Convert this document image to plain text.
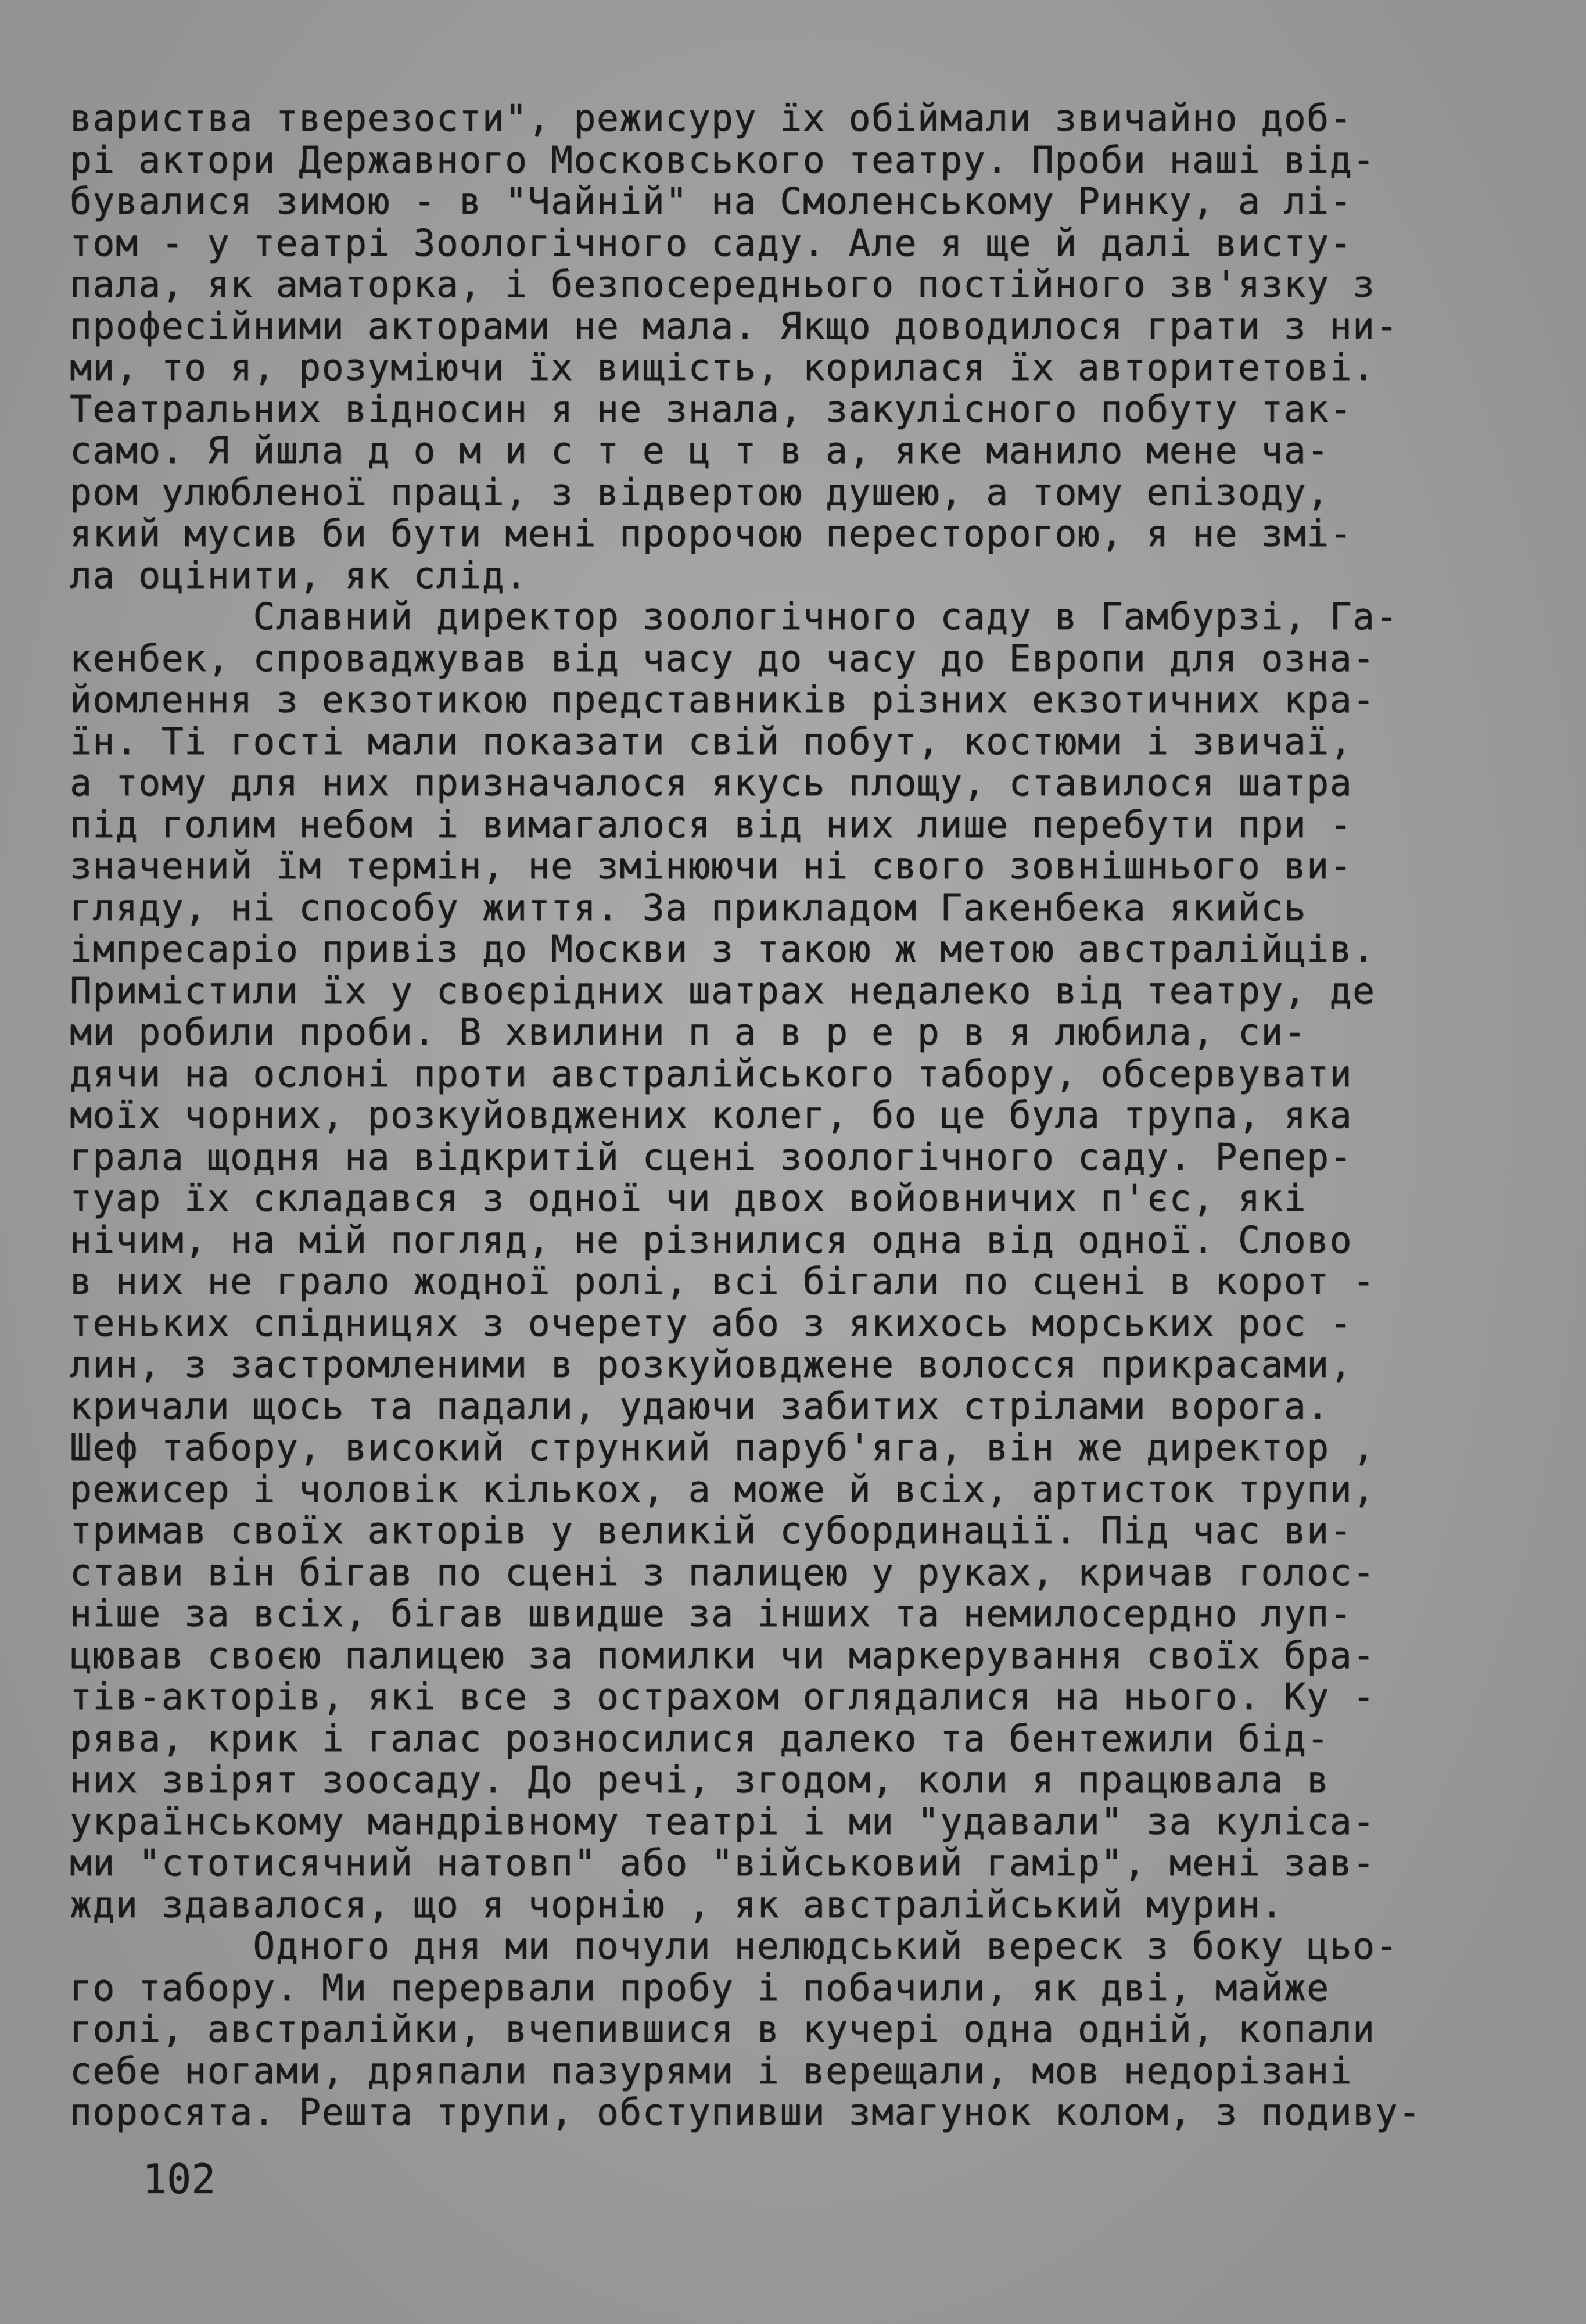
вариства тверезости", режисуру їх обіймали звичайно доб-
рі актори Державного Московського театру. Проби наші від-
бувалися зимою - в "Чайній" на Смоленському Ринку, а лі-
том - у театрі Зоологічного саду. Але я ще й далі висту-
пала, як аматорка, і безпосереднього постійного зв'язку з
професійними акторами не мала. Якщо доводилося грати з ни-
ми, то я, розуміючи їх вищість, корилася їх авторитетові.
Театральних відносин я не знала, закулісного побуту так-
само. Я йшла д о м и с т е ц т в а, яке манило мене ча-
ром улюбленої праці, з відвертою душею, а тому епізоду,
який мусив би бути мені пророчою пересторогою, я не змі-
ла оцінити, як слід.
Славний директор зоологічного саду в Гамбурзі, Га-
кенбек, спроваджував від часу до часу до Европи для озна-
йомлення з екзотикою представників різних екзотичних кра-
їн. Ті гості мали показати свій побут, костюми і звичаї,
а тому для них призначалося якусь площу, ставилося шатра
під голим небом і вимагалося від них лише перебути при -
значений їм термін, не змінюючи ні свого зовнішнього ви-
гляду, ні способу життя. За прикладом Гакенбека якийсь
імпресаріо привіз до Москви з такою ж метою австралійців.
Примістили їх у своєрідних шатрах недалеко від театру, де
ми робили проби. В хвилини п а в р е р в я любила, си-
дячи на ослоні проти австралійського табору, обсервувати
моїх чорних, розкуйовджених колег, бо це була трупа, яка
грала щодня на відкритій сцені зоологічного саду. Репер-
туар їх складався з одної чи двох войовничих п'єс, які
нічим, на мій погляд, не різнилися одна від одної. Слово
в них не грало жодної ролі, всі бігали по сцені в корот -
теньких спідницях з очерету або з якихось морських рос -
лин, з застромленими в розкуйовджене волосся прикрасами,
кричали щось та падали, удаючи забитих стрілами ворога.
Шеф табору, високий стрункий паруб'яга, він же директор ,
режисер і чоловік кількох, а може й всіх, артисток трупи,
тримав своїх акторів у великій субординації. Під час ви-
стави він бігав по сцені з палицею у руках, кричав голос-
ніше за всіх, бігав швидше за інших та немилосердно луп-
цював своєю палицею за помилки чи маркерування своїх бра-
тів-акторів, які все з острахом оглядалися на нього. Ку -
рява, крик і галас розносилися далеко та бентежили бід-
них звірят зоосаду. До речі, згодом, коли я працювала в
українському мандрівному театрі і ми "удавали" за куліса-
ми "стотисячний натовп" або "військовий гамір", мені зав-
жди здавалося, що я чорнію , як австралійський мурин.
Одного дня ми почули нелюдський вереск з боку цьо-
го табору. Ми перервали пробу і побачили, як дві, майже
голі, австралійки, вчепившися в кучері одна одній, копали
себе ногами, дряпали пазурями і верещали, мов недорізані
поросята. Решта трупи, обступивши змагунок колом, з подиву-
102
